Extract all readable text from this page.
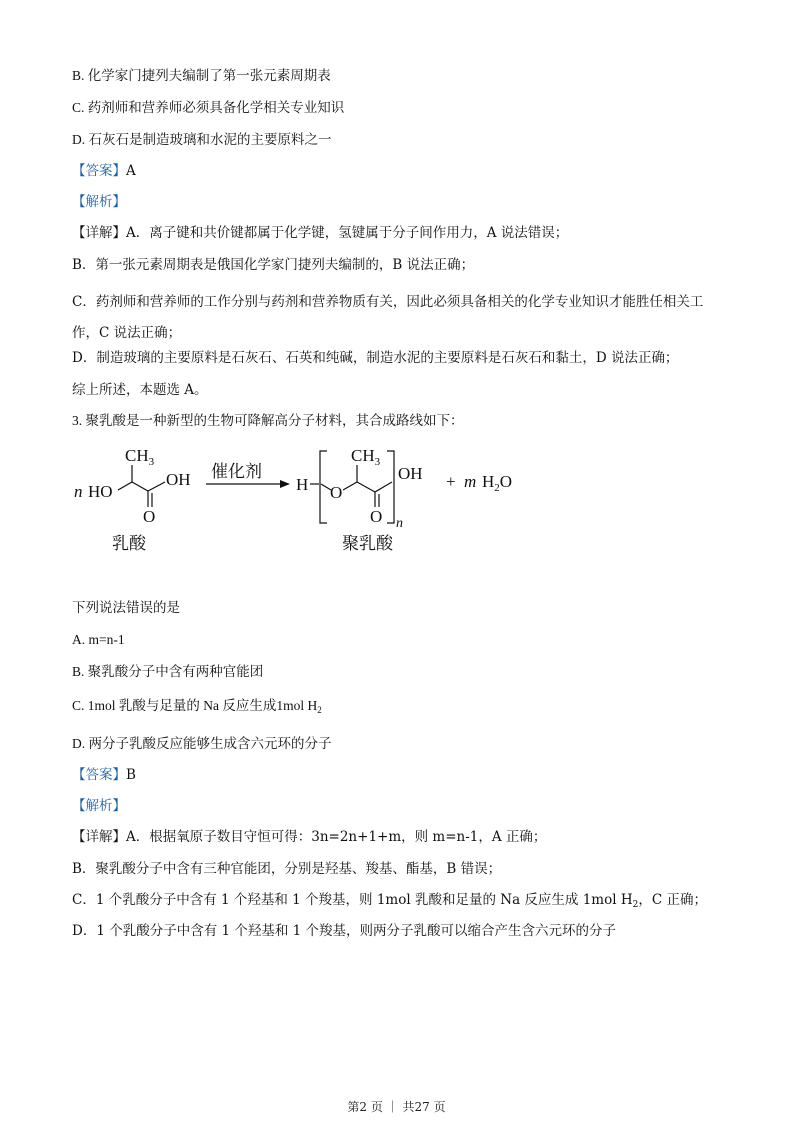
B. 化学家门捷列夫编制了第一张元素周期表
C. 药剂师和营养师必须具备化学相关专业知识
D. 石灰石是制造玻璃和水泥的主要原料之一
【答案】A
【解析】
【详解】A．离子键和共价键都属于化学键，氢键属于分子间作用力，A 说法错误；
B．第一张元素周期表是俄国化学家门捷列夫编制的，B 说法正确；
C．药剂师和营养师的工作分别与药剂和营养物质有关，因此必须具备相关的化学专业知识才能胜任相关工作，C 说法正确；
D．制造玻璃的主要原料是石灰石、石英和纯碱，制造水泥的主要原料是石灰石和黏土，D 说法正确；
综上所述，本题选 A。
3. 聚乳酸是一种新型的生物可降解高分子材料，其合成路线如下：
n HO
$CH_3$
O
OH 催化剂
H O
$CH_3$
O n
OH + m $H_2O$
乳酸	聚乳酸
下列说法错误的是
A. m=n-1
B. 聚乳酸分子中含有两种官能团
C. 1mol 乳酸与足量的 Na 反应生成1mol $H_2$
D. 两分子乳酸反应能够生成含六元环的分子
【答案】B
【解析】
【详解】A．根据氧原子数目守恒可得：3n=2n+1+m，则 m=n-1，A 正确；
B．聚乳酸分子中含有三种官能团，分别是羟基、羧基、酯基，B 错误；
C．1 个乳酸分子中含有 1 个羟基和 1 个羧基，则 1mol 乳酸和足量的 Na 反应生成 1mol $H_2$，C 正确；
D．1 个乳酸分子中含有 1 个羟基和 1 个羧基，则两分子乳酸可以缩合产生含六元环的分子
第2 页 ｜ 共27 页
